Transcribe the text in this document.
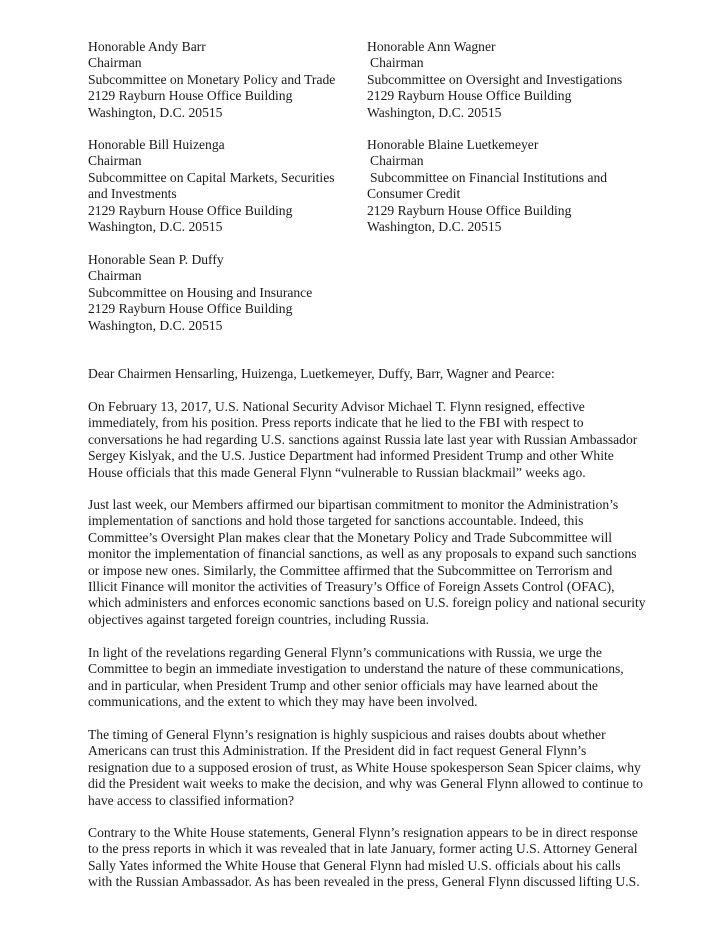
Honorable Andy Barr
Chairman
Subcommittee on Monetary Policy and Trade
2129 Rayburn House Office Building
Washington, D.C. 20515
Honorable Ann Wagner
Chairman
Subcommittee on Oversight and Investigations
2129 Rayburn House Office Building
Washington, D.C. 20515
Honorable Bill Huizenga
Chairman
Subcommittee on Capital Markets, Securities
and Investments
2129 Rayburn House Office Building
Washington, D.C. 20515
Honorable Blaine Luetkemeyer
Chairman
Subcommittee on Financial Institutions and
Consumer Credit
2129 Rayburn House Office Building
Washington, D.C. 20515
Honorable Sean P. Duffy
Chairman
Subcommittee on Housing and Insurance
2129 Rayburn House Office Building
Washington, D.C. 20515
Dear Chairmen Hensarling, Huizenga, Luetkemeyer, Duffy, Barr, Wagner and Pearce:
On February 13, 2017, U.S. National Security Advisor Michael T. Flynn resigned, effective
immediately, from his position. Press reports indicate that he lied to the FBI with respect to
conversations he had regarding U.S. sanctions against Russia late last year with Russian Ambassador
Sergey Kislyak, and the U.S. Justice Department had informed President Trump and other White
House officials that this made General Flynn “vulnerable to Russian blackmail” weeks ago.
Just last week, our Members affirmed our bipartisan commitment to monitor the Administration’s
implementation of sanctions and hold those targeted for sanctions accountable. Indeed, this
Committee’s Oversight Plan makes clear that the Monetary Policy and Trade Subcommittee will
monitor the implementation of financial sanctions, as well as any proposals to expand such sanctions
or impose new ones. Similarly, the Committee affirmed that the Subcommittee on Terrorism and
Illicit Finance will monitor the activities of Treasury’s Office of Foreign Assets Control (OFAC),
which administers and enforces economic sanctions based on U.S. foreign policy and national security
objectives against targeted foreign countries, including Russia.
In light of the revelations regarding General Flynn’s communications with Russia, we urge the
Committee to begin an immediate investigation to understand the nature of these communications,
and in particular, when President Trump and other senior officials may have learned about the
communications, and the extent to which they may have been involved.
The timing of General Flynn’s resignation is highly suspicious and raises doubts about whether
Americans can trust this Administration. If the President did in fact request General Flynn’s
resignation due to a supposed erosion of trust, as White House spokesperson Sean Spicer claims, why
did the President wait weeks to make the decision, and why was General Flynn allowed to continue to
have access to classified information?
Contrary to the White House statements, General Flynn’s resignation appears to be in direct response
to the press reports in which it was revealed that in late January, former acting U.S. Attorney General
Sally Yates informed the White House that General Flynn had misled U.S. officials about his calls
with the Russian Ambassador. As has been revealed in the press, General Flynn discussed lifting U.S.
